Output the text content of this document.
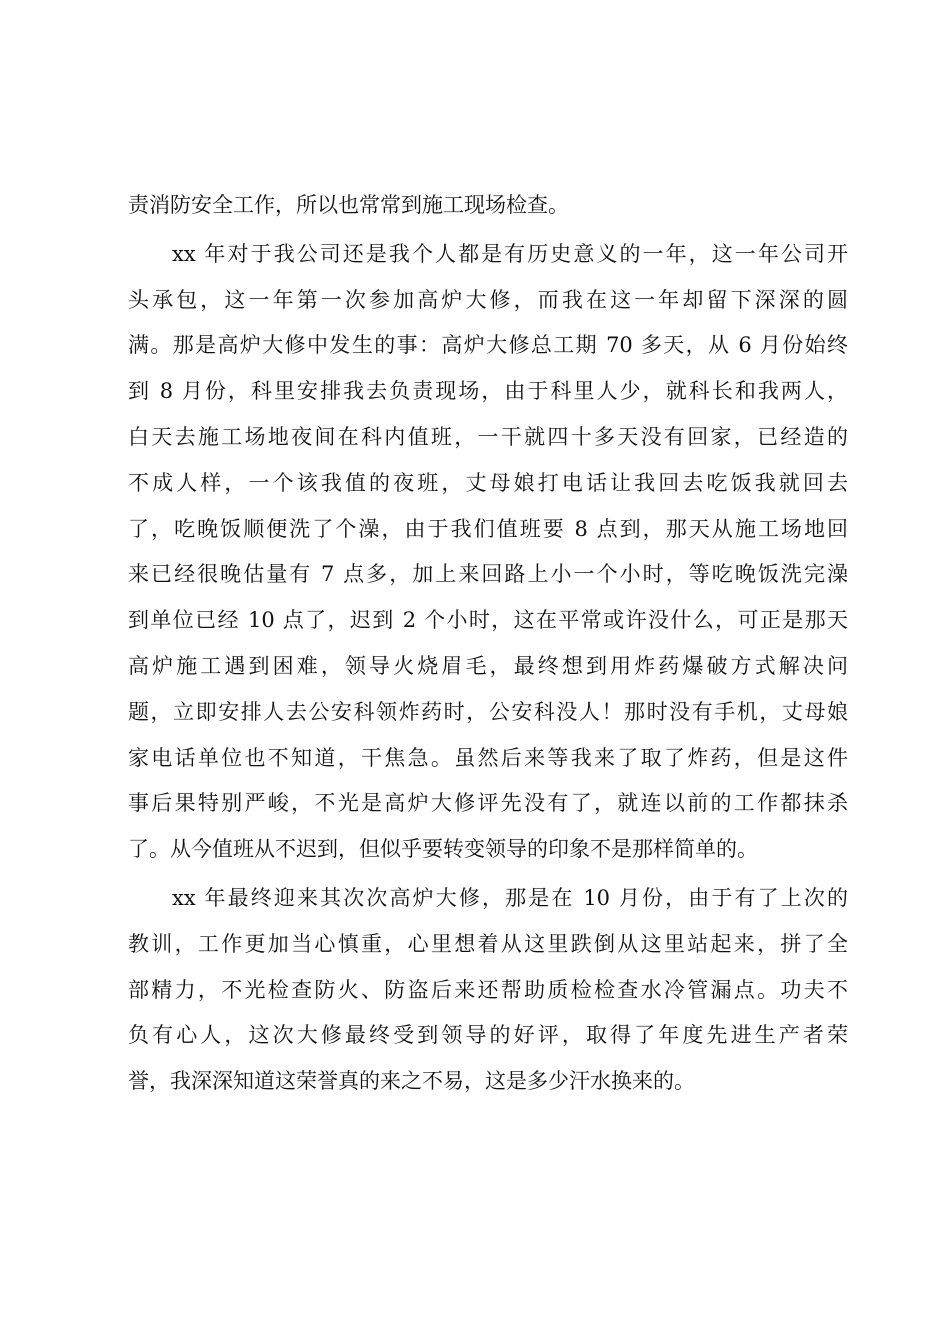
责消防安全工作，所以也常常到施工现场检查。
xx 年对于我公司还是我个人都是有历史意义的一年，这一年公司开
头承包，这一年第一次参加高炉大修，而我在这一年却留下深深的圆
满。那是高炉大修中发生的事：高炉大修总工期 70 多天，从 6 月份始终
到 8 月份，科里安排我去负责现场，由于科里人少，就科长和我两人，
白天去施工场地夜间在科内值班，一干就四十多天没有回家，已经造的
不成人样，一个该我值的夜班，丈母娘打电话让我回去吃饭我就回去
了，吃晚饭顺便洗了个澡，由于我们值班要 8 点到，那天从施工场地回
来已经很晚估量有 7 点多，加上来回路上小一个小时，等吃晚饭洗完澡
到单位已经 10 点了，迟到 2 个小时，这在平常或许没什么，可正是那天
高炉施工遇到困难，领导火烧眉毛，最终想到用炸药爆破方式解决问
题，立即安排人去公安科领炸药时，公安科没人！那时没有手机，丈母娘
家电话单位也不知道，干焦急。虽然后来等我来了取了炸药，但是这件
事后果特别严峻，不光是高炉大修评先没有了，就连以前的工作都抹杀
了。从今值班从不迟到，但似乎要转变领导的印象不是那样简单的。
xx 年最终迎来其次次高炉大修，那是在 10 月份，由于有了上次的
教训，工作更加当心慎重，心里想着从这里跌倒从这里站起来，拼了全
部精力，不光检查防火、防盗后来还帮助质检检查水冷管漏点。功夫不
负有心人，这次大修最终受到领导的好评，取得了年度先进生产者荣
誉，我深深知道这荣誉真的来之不易，这是多少汗水换来的。
